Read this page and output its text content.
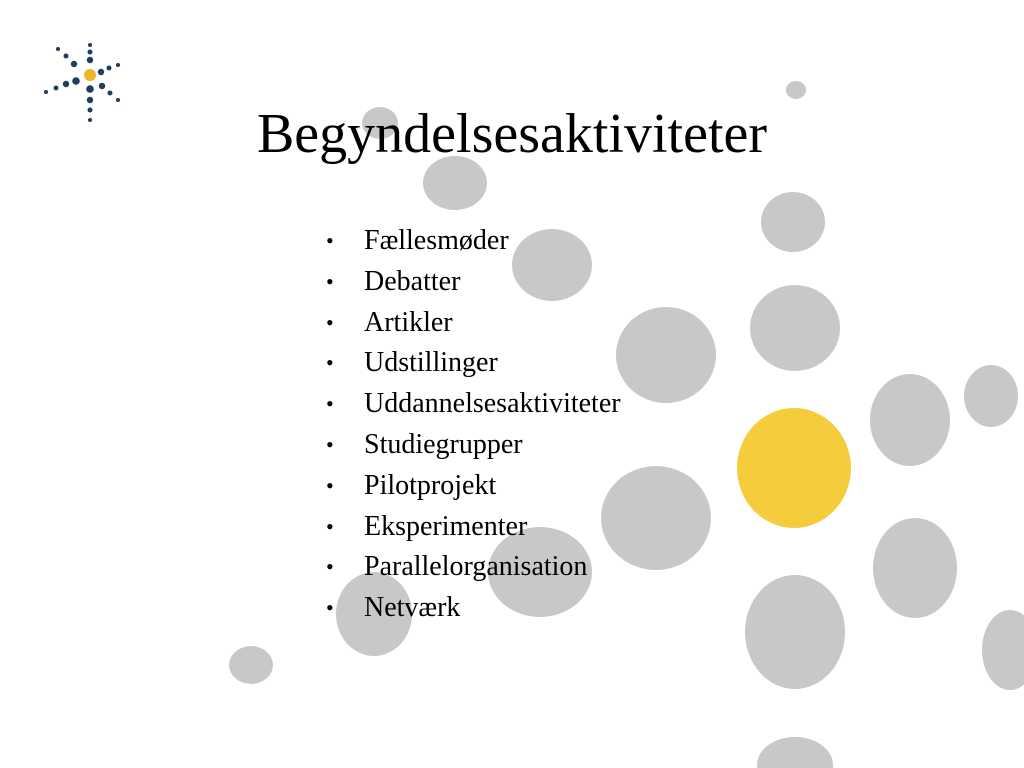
Begyndelsesaktiviteter
• Fællesmøder
• Debatter
• Artikler
• Udstillinger
• Uddannelsesaktiviteter
• Studiegrupper
• Pilotprojekt
• Eksperimenter
• Parallelorganisation
• Netværk
